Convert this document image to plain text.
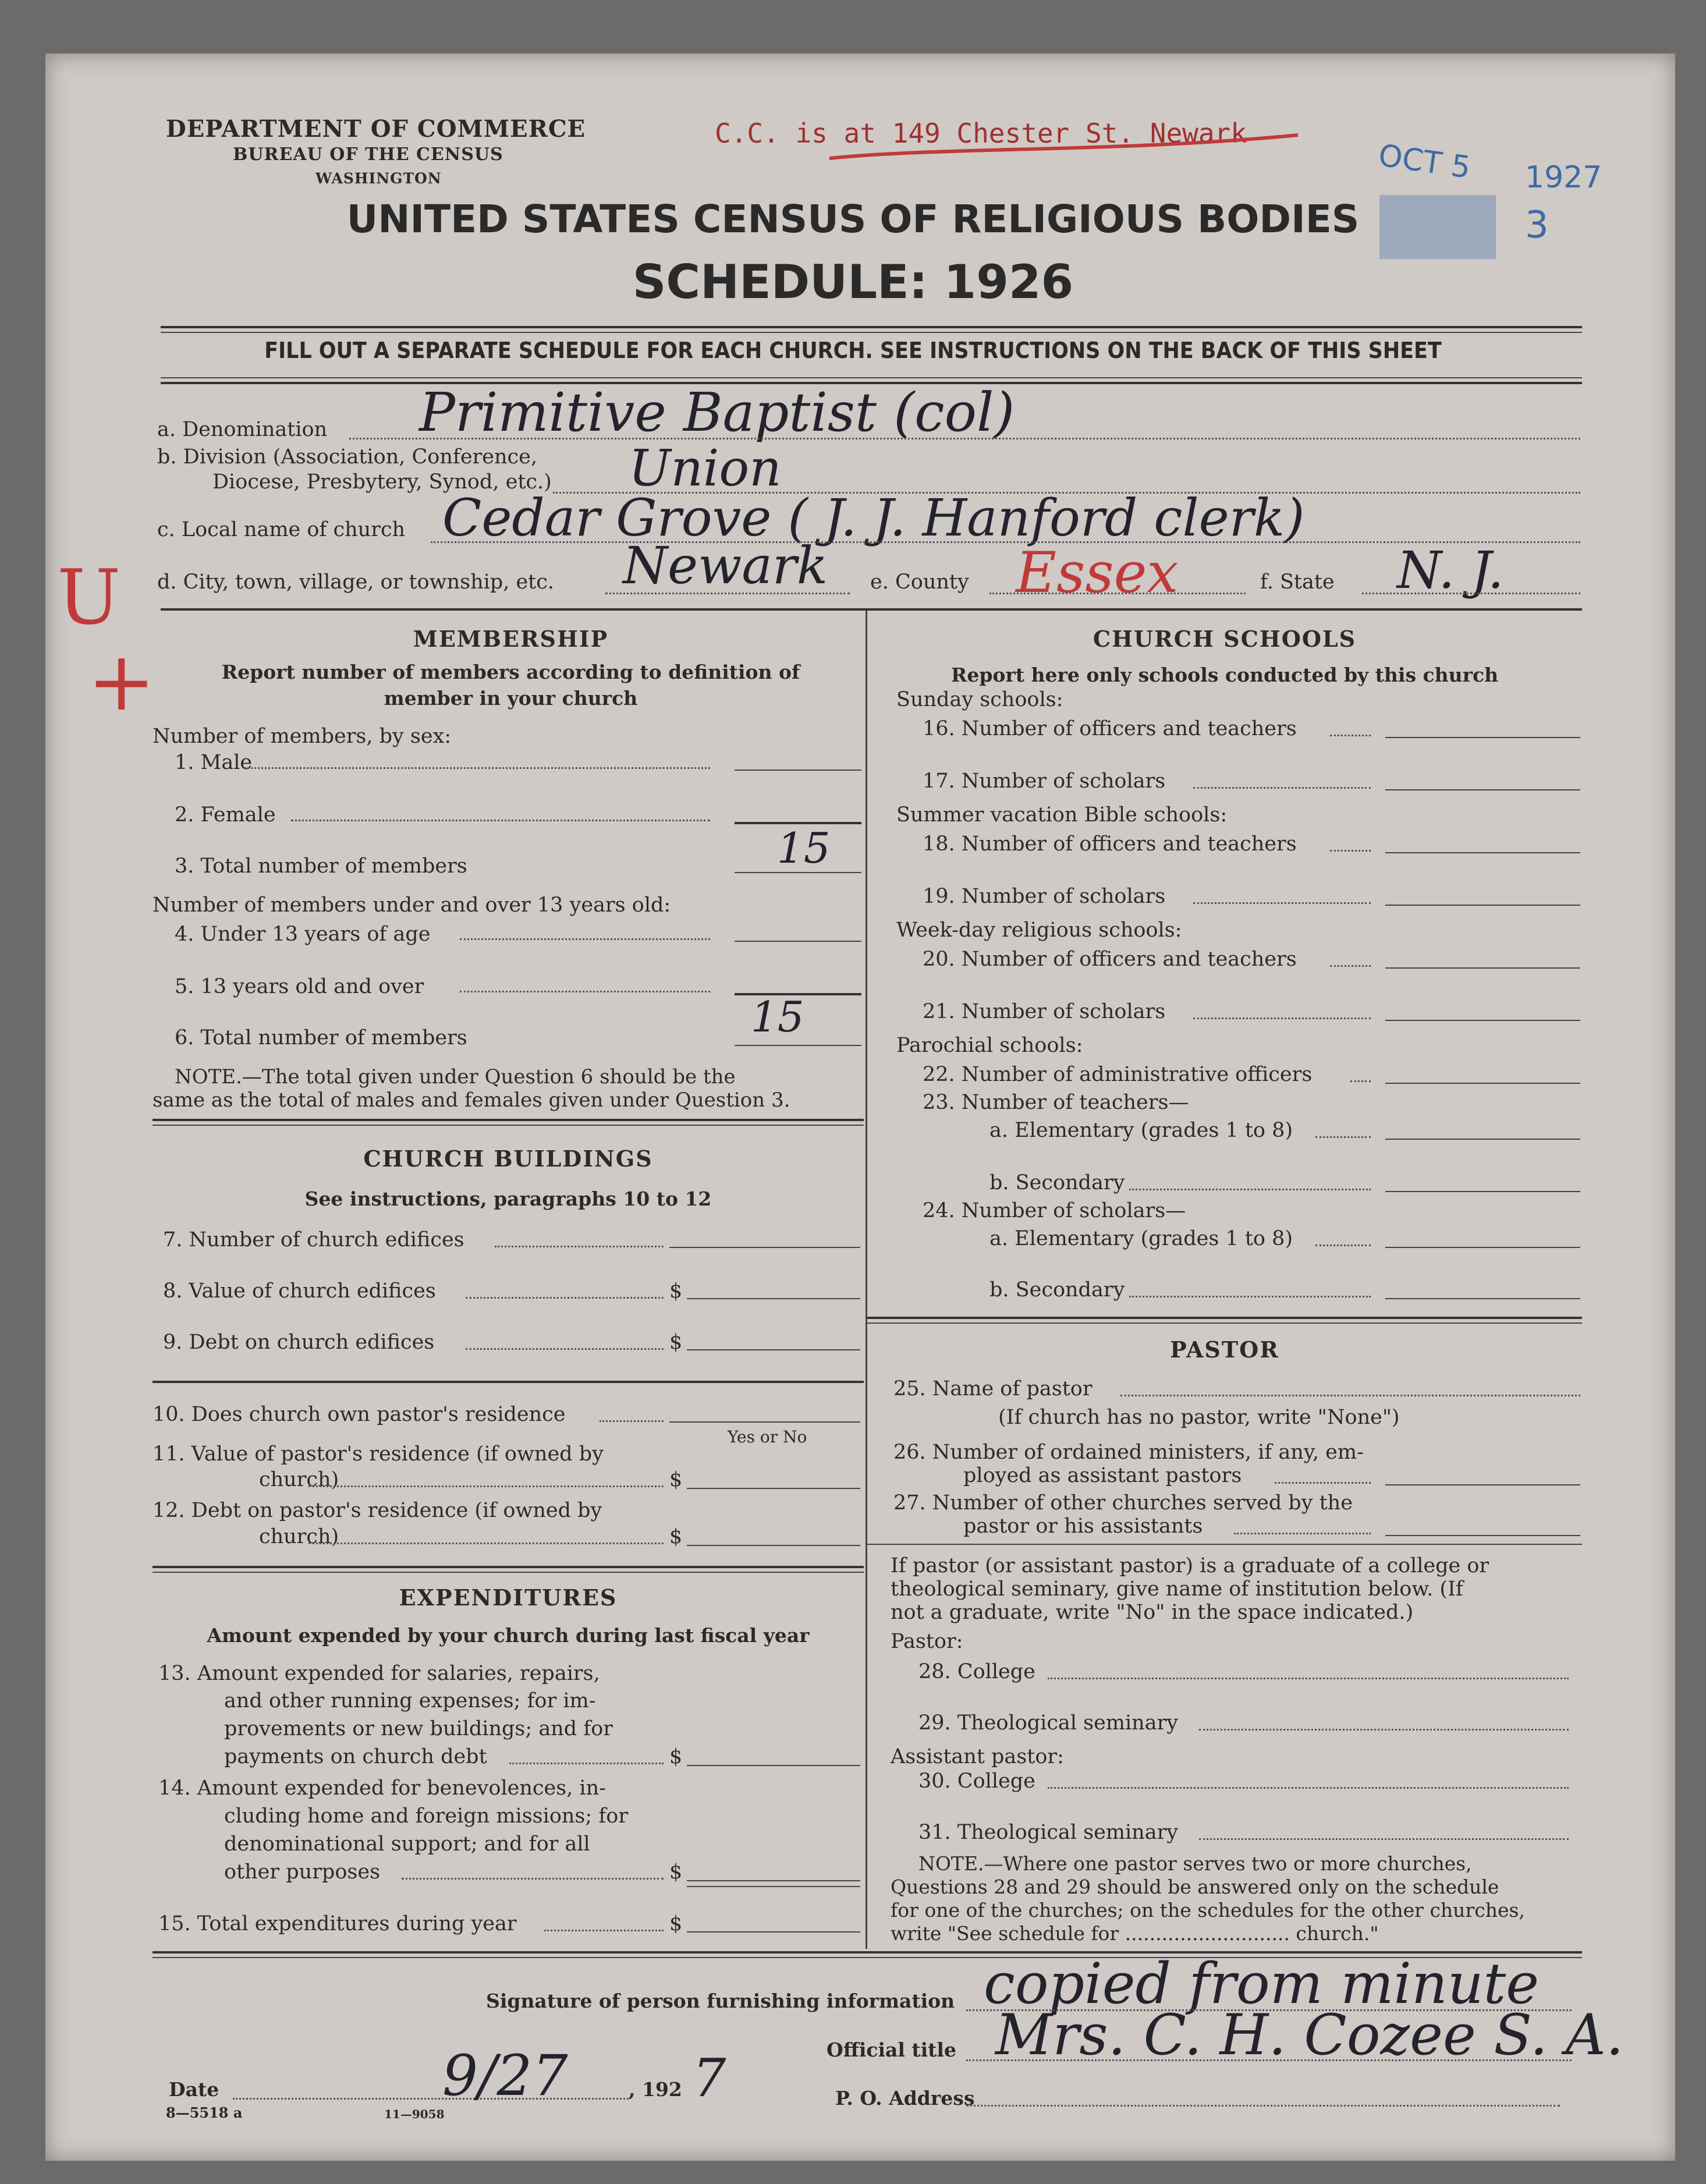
DEPARTMENT OF COMMERCE
BUREAU OF THE CENSUS
WASHINGTON
C.C. is at 149 Chester St. Newark
OCT 5 1927
3
UNITED STATES CENSUS OF RELIGIOUS BODIES
SCHEDULE: 1926
FILL OUT A SEPARATE SCHEDULE FOR EACH CHURCH. SEE INSTRUCTIONS ON THE BACK OF THIS SHEET
a. Denomination Primitive Baptist (col)
b. Division (Association, Conference,
Diocese, Presbytery, Synod, etc.) Union
c. Local name of church Cedar Grove ( J. J. Hanford clerk)
d. City, town, village, or township, etc. Newark e. County Essex	f. State N. J.
U
+	MEMBERSHIP
Report number of members according to definition of
member in your church
Number of members, by sex:
1. Male
2. Female
3. Total number of members	15
Number of members under and over 13 years old:
4. Under 13 years of age
5. 13 years old and over
6. Total number of members	15
NOTE.—The total given under Question 6 should be the
same as the total of males and females given under Question 3.
CHURCH BUILDINGS
See instructions, paragraphs 10 to 12
7. Number of church edifices
8. Value of church edifices	$
9. Debt on church edifices	$
10. Does church own pastor's residence
Yes or No
11. Value of pastor's residence (if owned by
church)	$
12. Debt on pastor's residence (if owned by
church)	$
EXPENDITURES
Amount expended by your church during last fiscal year
13. Amount expended for salaries, repairs,
and other running expenses; for im-
provements or new buildings; and for
payments on church debt	$
14. Amount expended for benevolences, in-
cluding home and foreign missions; for
denominational support; and for all
other purposes	$
15. Total expenditures during year	$
CHURCH SCHOOLS
Report here only schools conducted by this church
Sunday schools:
16. Number of officers and teachers
17. Number of scholars
Summer vacation Bible schools:
18. Number of officers and teachers
19. Number of scholars
Week-day religious schools:
20. Number of officers and teachers
21. Number of scholars
Parochial schools:
22. Number of administrative officers
23. Number of teachers—
a. Elementary (grades 1 to 8)
b. Secondary
24. Number of scholars—
a. Elementary (grades 1 to 8)
b. Secondary
PASTOR
25. Name of pastor
(If church has no pastor, write "None")
26. Number of ordained ministers, if any, em-
ployed as assistant pastors
27. Number of other churches served by the
pastor or his assistants
If pastor (or assistant pastor) is a graduate of a college or
theological seminary, give name of institution below. (If
not a graduate, write "No" in the space indicated.)
Pastor:
28. College
29. Theological seminary
Assistant pastor:
30. College
31. Theological seminary
NOTE.—Where one pastor serves two or more churches,
Questions 28 and 29 should be answered only on the schedule
for one of the churches; on the schedules for the other churches,
write "See schedule for ........................... church."
Signature of person furnishing information copied from minute
Official title Mrs. C. H. Cozee S. A.
Date	9/27	, 192 7	P. O. Address
8—5518 a	11—9058
